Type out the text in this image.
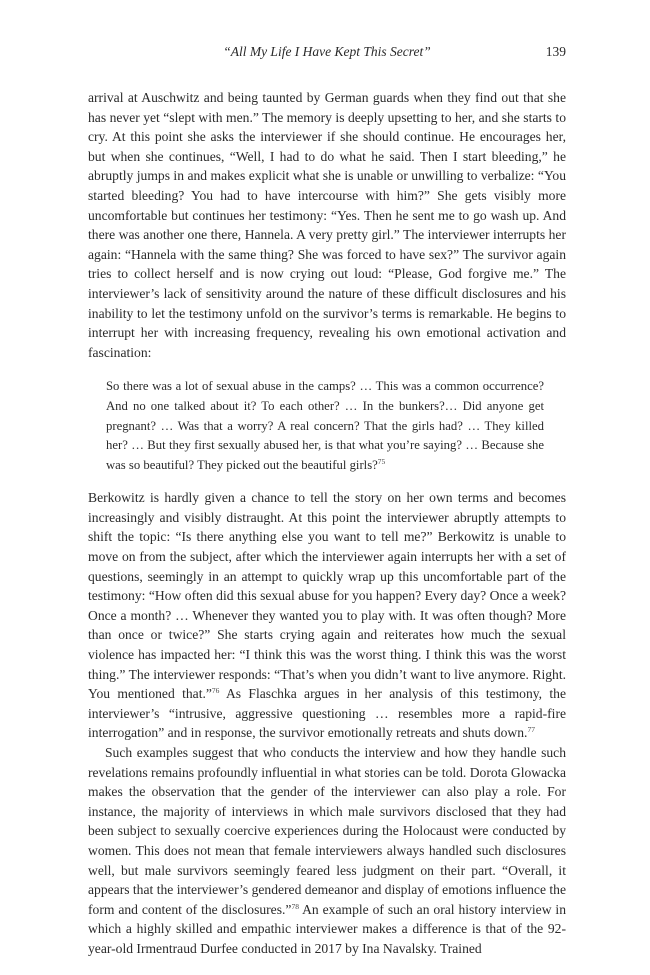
“All My Life I Have Kept This Secret”	139

arrival at Auschwitz and being taunted by German guards when they find out that she has never yet “slept with men.” The memory is deeply upsetting to her, and she starts to cry. At this point she asks the interviewer if she should continue. He encourages her, but when she continues, “Well, I had to do what he said. Then I start bleeding,” he abruptly jumps in and makes explicit what she is unable or unwilling to verbalize: “You started bleeding? You had to have intercourse with him?” She gets visibly more uncomfortable but continues her testimony: “Yes. Then he sent me to go wash up. And there was another one there, Hannela. A very pretty girl.” The interviewer interrupts her again: “Hannela with the same thing? She was forced to have sex?” The survivor again tries to collect herself and is now crying out loud: “Please, God forgive me.” The interviewer’s lack of sensitivity around the nature of these difficult disclosures and his inability to let the testimony unfold on the survivor’s terms is remarkable. He begins to interrupt her with increasing frequency, revealing his own emotional activation and fascination:

So there was a lot of sexual abuse in the camps? … This was a common occurrence? And no one talked about it? To each other? … In the bunkers?… Did anyone get pregnant? … Was that a worry? A real concern? That the girls had? … They killed her? … But they first sexually abused her, is that what you’re saying? … Because she was so beautiful? They picked out the beautiful girls?$^{75}$

Berkowitz is hardly given a chance to tell the story on her own terms and becomes increasingly and visibly distraught. At this point the interviewer abruptly attempts to shift the topic: “Is there anything else you want to tell me?” Berkowitz is unable to move on from the subject, after which the interviewer again interrupts her with a set of questions, seemingly in an attempt to quickly wrap up this uncomfortable part of the testimony: “How often did this sexual abuse for you happen? Every day? Once a week? Once a month? … Whenever they wanted you to play with. It was often though? More than once or twice?” She starts crying again and reiterates how much the sexual violence has impacted her: “I think this was the worst thing. I think this was the worst thing.” The interviewer responds: “That’s when you didn’t want to live anymore. Right. You mentioned that.”$^{76}$ As Flaschka argues in her analysis of this testimony, the interviewer’s “intrusive, aggressive questioning … resembles more a rapid-fire interrogation” and in response, the survivor emotionally retreats and shuts down.$^{77}$

Such examples suggest that who conducts the interview and how they handle such revelations remains profoundly influential in what stories can be told. Dorota Glowacka makes the observation that the gender of the interviewer can also play a role. For instance, the majority of interviews in which male survivors disclosed that they had been subject to sexually coercive experiences during the Holocaust were conducted by women. This does not mean that female interviewers always handled such disclosures well, but male survivors seemingly feared less judgment on their part. “Overall, it appears that the interviewer’s gendered demeanor and display of emotions influence the form and content of the disclosures.”$^{78}$ An example of such an oral history interview in which a highly skilled and empathic interviewer makes a difference is that of the 92-year-old Irmentraud Durfee conducted in 2017 by Ina Navalsky. Trained
